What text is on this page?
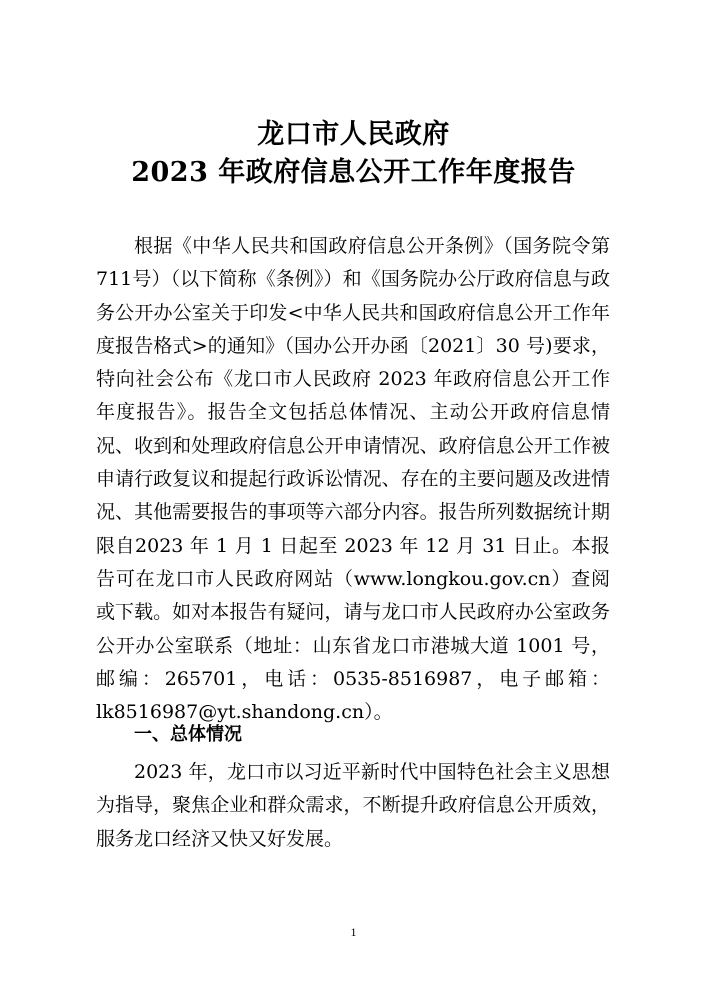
龙口市人民政府
2023 年政府信息公开工作年度报告
根据《中华人民共和国政府信息公开条例》（国务院令第711号）（以下简称《条例》）和《国务院办公厅政府信息与政务公开办公室关于印发<中华人民共和国政府信息公开工作年度报告格式>的通知》（国办公开办函〔2021〕30 号)要求，特向社会公布《龙口市人民政府 2023 年政府信息公开工作年度报告》。报告全文包括总体情况、主动公开政府信息情况、收到和处理政府信息公开申请情况、政府信息公开工作被申请行政复议和提起行政诉讼情况、存在的主要问题及改进情况、其他需要报告的事项等六部分内容。报告所列数据统计期限自2023 年 1 月 1 日起至 2023 年 12 月 31 日止。本报告可在龙口市人民政府网站（www.longkou.gov.cn）查阅或下载。如对本报告有疑问，请与龙口市人民政府办公室政务公开办公室联系（地址：山东省龙口市港城大道 1001 号，邮编：265701，电话：0535-8516987，电子邮箱：lk8516987@yt.shandong.cn）。
一、总体情况
2023 年，龙口市以习近平新时代中国特色社会主义思想为指导，聚焦企业和群众需求，不断提升政府信息公开质效，服务龙口经济又快又好发展。
1
